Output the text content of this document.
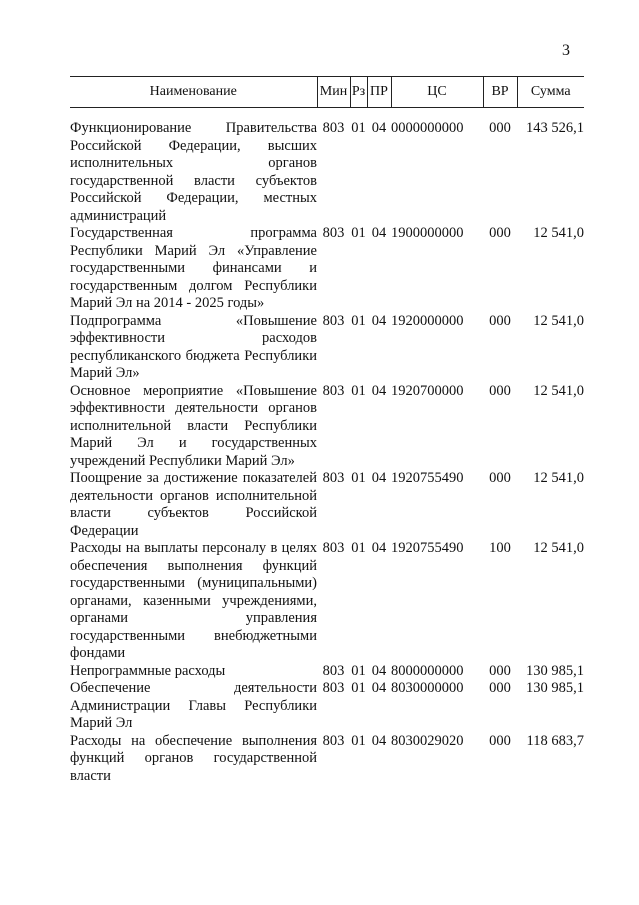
3
Наименование	Мин	Рз	ПР	ЦС	ВР	Сумма

Функционирование Правительства Российской Федерации, высших исполнительных органов государственной власти субъектов Российской Федерации, местных администраций	803	01	04	0000000000	000	143 526,1
Государственная программа Республики Марий Эл «Управление государственными финансами и государственным долгом Республики Марий Эл на 2014 - 2025 годы»	803	01	04	1900000000	000	12 541,0
Подпрограмма «Повышение эффективности расходов республиканского бюджета Республики Марий Эл»	803	01	04	1920000000	000	12 541,0
Основное мероприятие «Повышение эффективности деятельности органов исполнительной власти Республики Марий Эл и государственных учреждений Республики Марий Эл»	803	01	04	1920700000	000	12 541,0
Поощрение за достижение показателей деятельности органов исполнительной власти субъектов Российской Федерации	803	01	04	1920755490	000	12 541,0
Расходы на выплаты персоналу в целях обеспечения выполнения функций государственными (муниципальными) органами, казенными учреждениями, органами управления государственными внебюджетными фондами	803	01	04	1920755490	100	12 541,0
Непрограммные расходы	803	01	04	8000000000	000	130 985,1
Обеспечение деятельности Администрации Главы Республики Марий Эл	803	01	04	8030000000	000	130 985,1
Расходы на обеспечение выполнения функций органов государственной власти	803	01	04	8030029020	000	118 683,7
